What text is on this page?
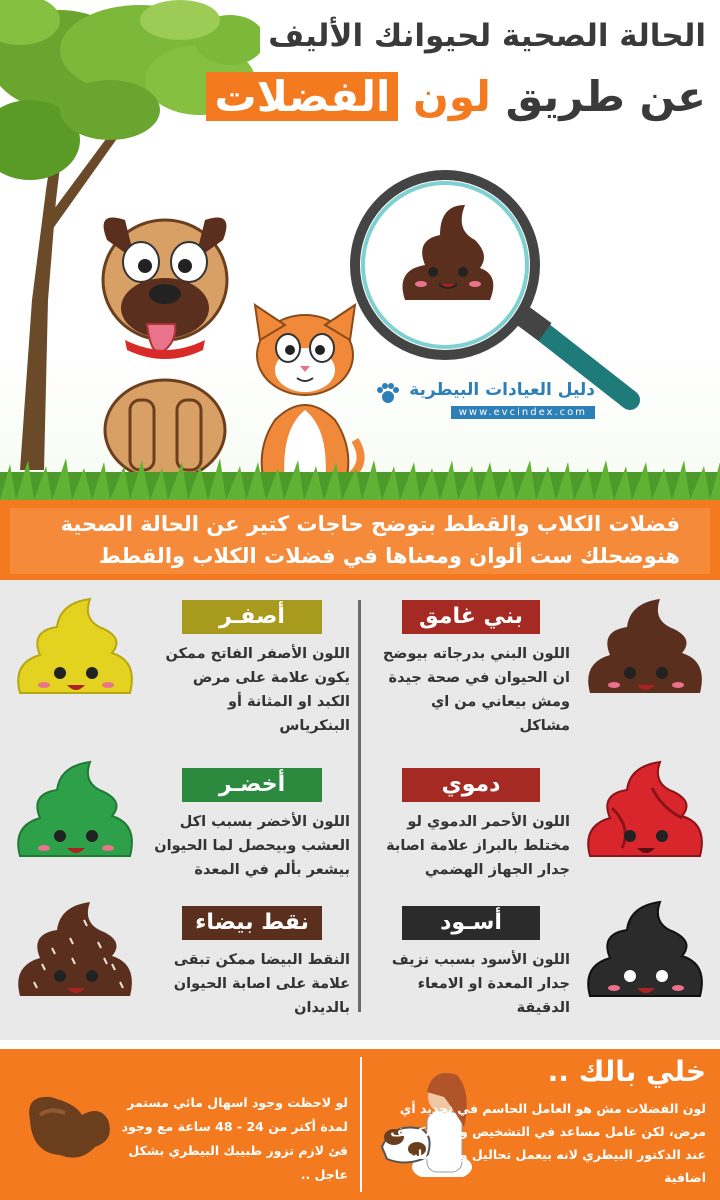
الحالة الصحية لحيوانك الأليف
عن طريق لون الفضلات
دليل العيادات البيطرية
www.evcindex.com
فضلات الكلاب والقطط بتوضح حاجات كتير عن الحالة الصحية
هنوضحلك ست ألوان ومعناها في فضلات الكلاب والقطط
بني غامق
اللون البني بدرجاته بيوضح ان الحيوان في صحة جيدة ومش بيعاني من اي مشاكل
أصفـر
اللون الأصفر الفاتح ممكن يكون علامة على مرض الكبد او المثانة أو البنكرياس
دموي
اللون الأحمر الدموي لو مختلط بالبراز علامة اصابة جدار الجهاز الهضمي
أخضـر
اللون الأخضر بسبب اكل العشب وبيحصل لما الحيوان بيشعر بألم في المعدة
أسـود
اللون الأسود بسبب نزيف جدار المعدة او الامعاء الدقيقة
نقط بيضاء
النقط البيضا ممكن تبقى علامة على اصابة الحيوان بالديدان
خلي بالك ..
لون الفضلات مش هو العامل الحاسم في تحديد أي مرض، لكن عامل مساعد في التشخيص ولازم تكشف عند الدكتور البيطري لانه بيعمل تحاليل وفحوصات اضافية
لو لاحظت وجود اسهال مائي مستمر لمدة أكتر من 24 - 48 ساعة مع وجود قئ لازم تزور طبيبك البيطري بشكل عاجل ..
